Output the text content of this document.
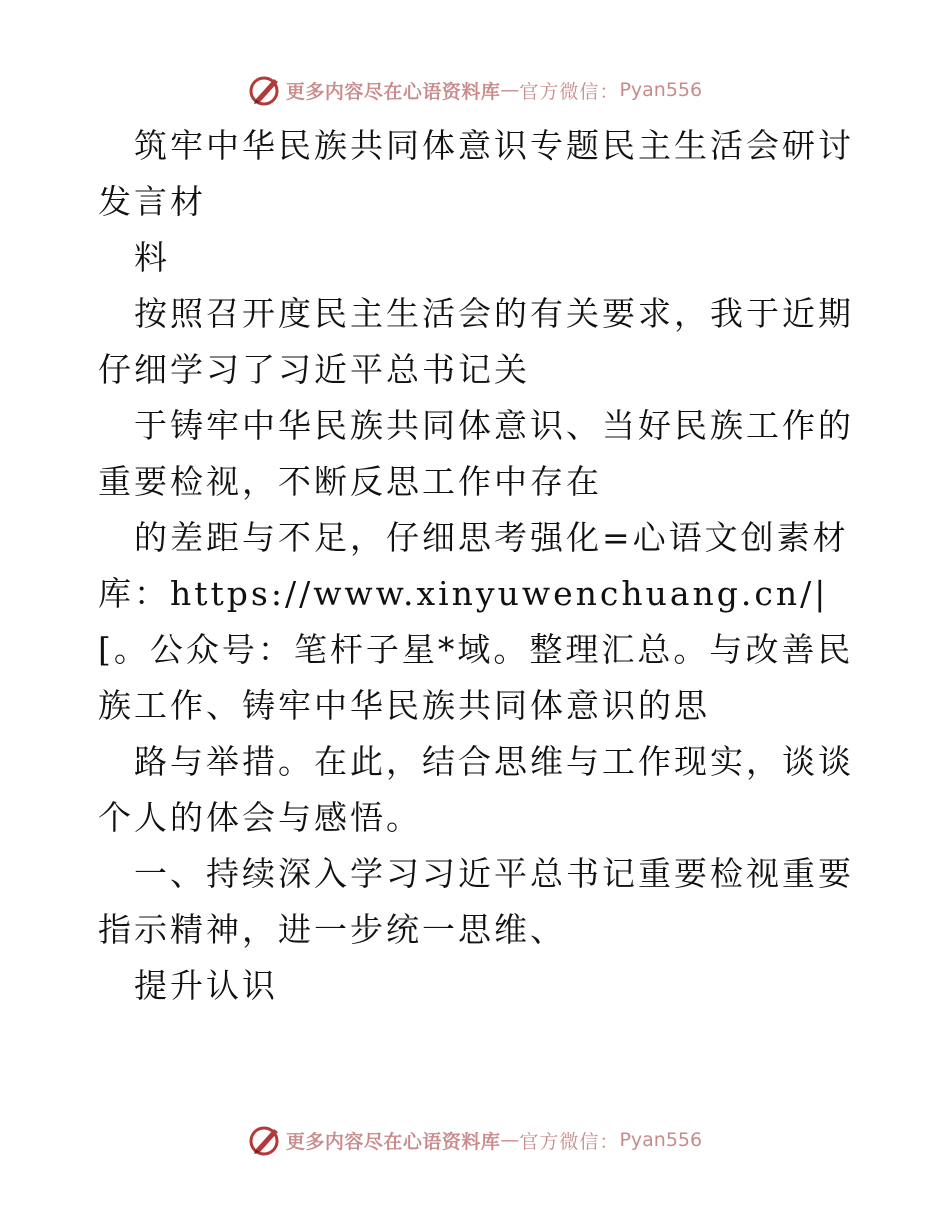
更多内容尽在心语资料库 — 官方微信： Pyan556

筑牢中华民族共同体意识专题民主生活会研讨发言材

料

按照召开度民主生活会的有关要求，我于近期仔细学习了习近平总书记关

于铸牢中华民族共同体意识、当好民族工作的重要检视，不断反思工作中存在

的差距与不足，仔细思考强化=心语文创素材库：https://www.xinyuwenchuang.cn/|[。公众号：笔杆子星*域。整理汇总。与改善民族工作、铸牢中华民族共同体意识的思

路与举措。在此，结合思维与工作现实，谈谈个人的体会与感悟。

一、持续深入学习习近平总书记重要检视重要指示精神，进一步统一思维、

提升认识

更多内容尽在心语资料库 — 官方微信： Pyan556
